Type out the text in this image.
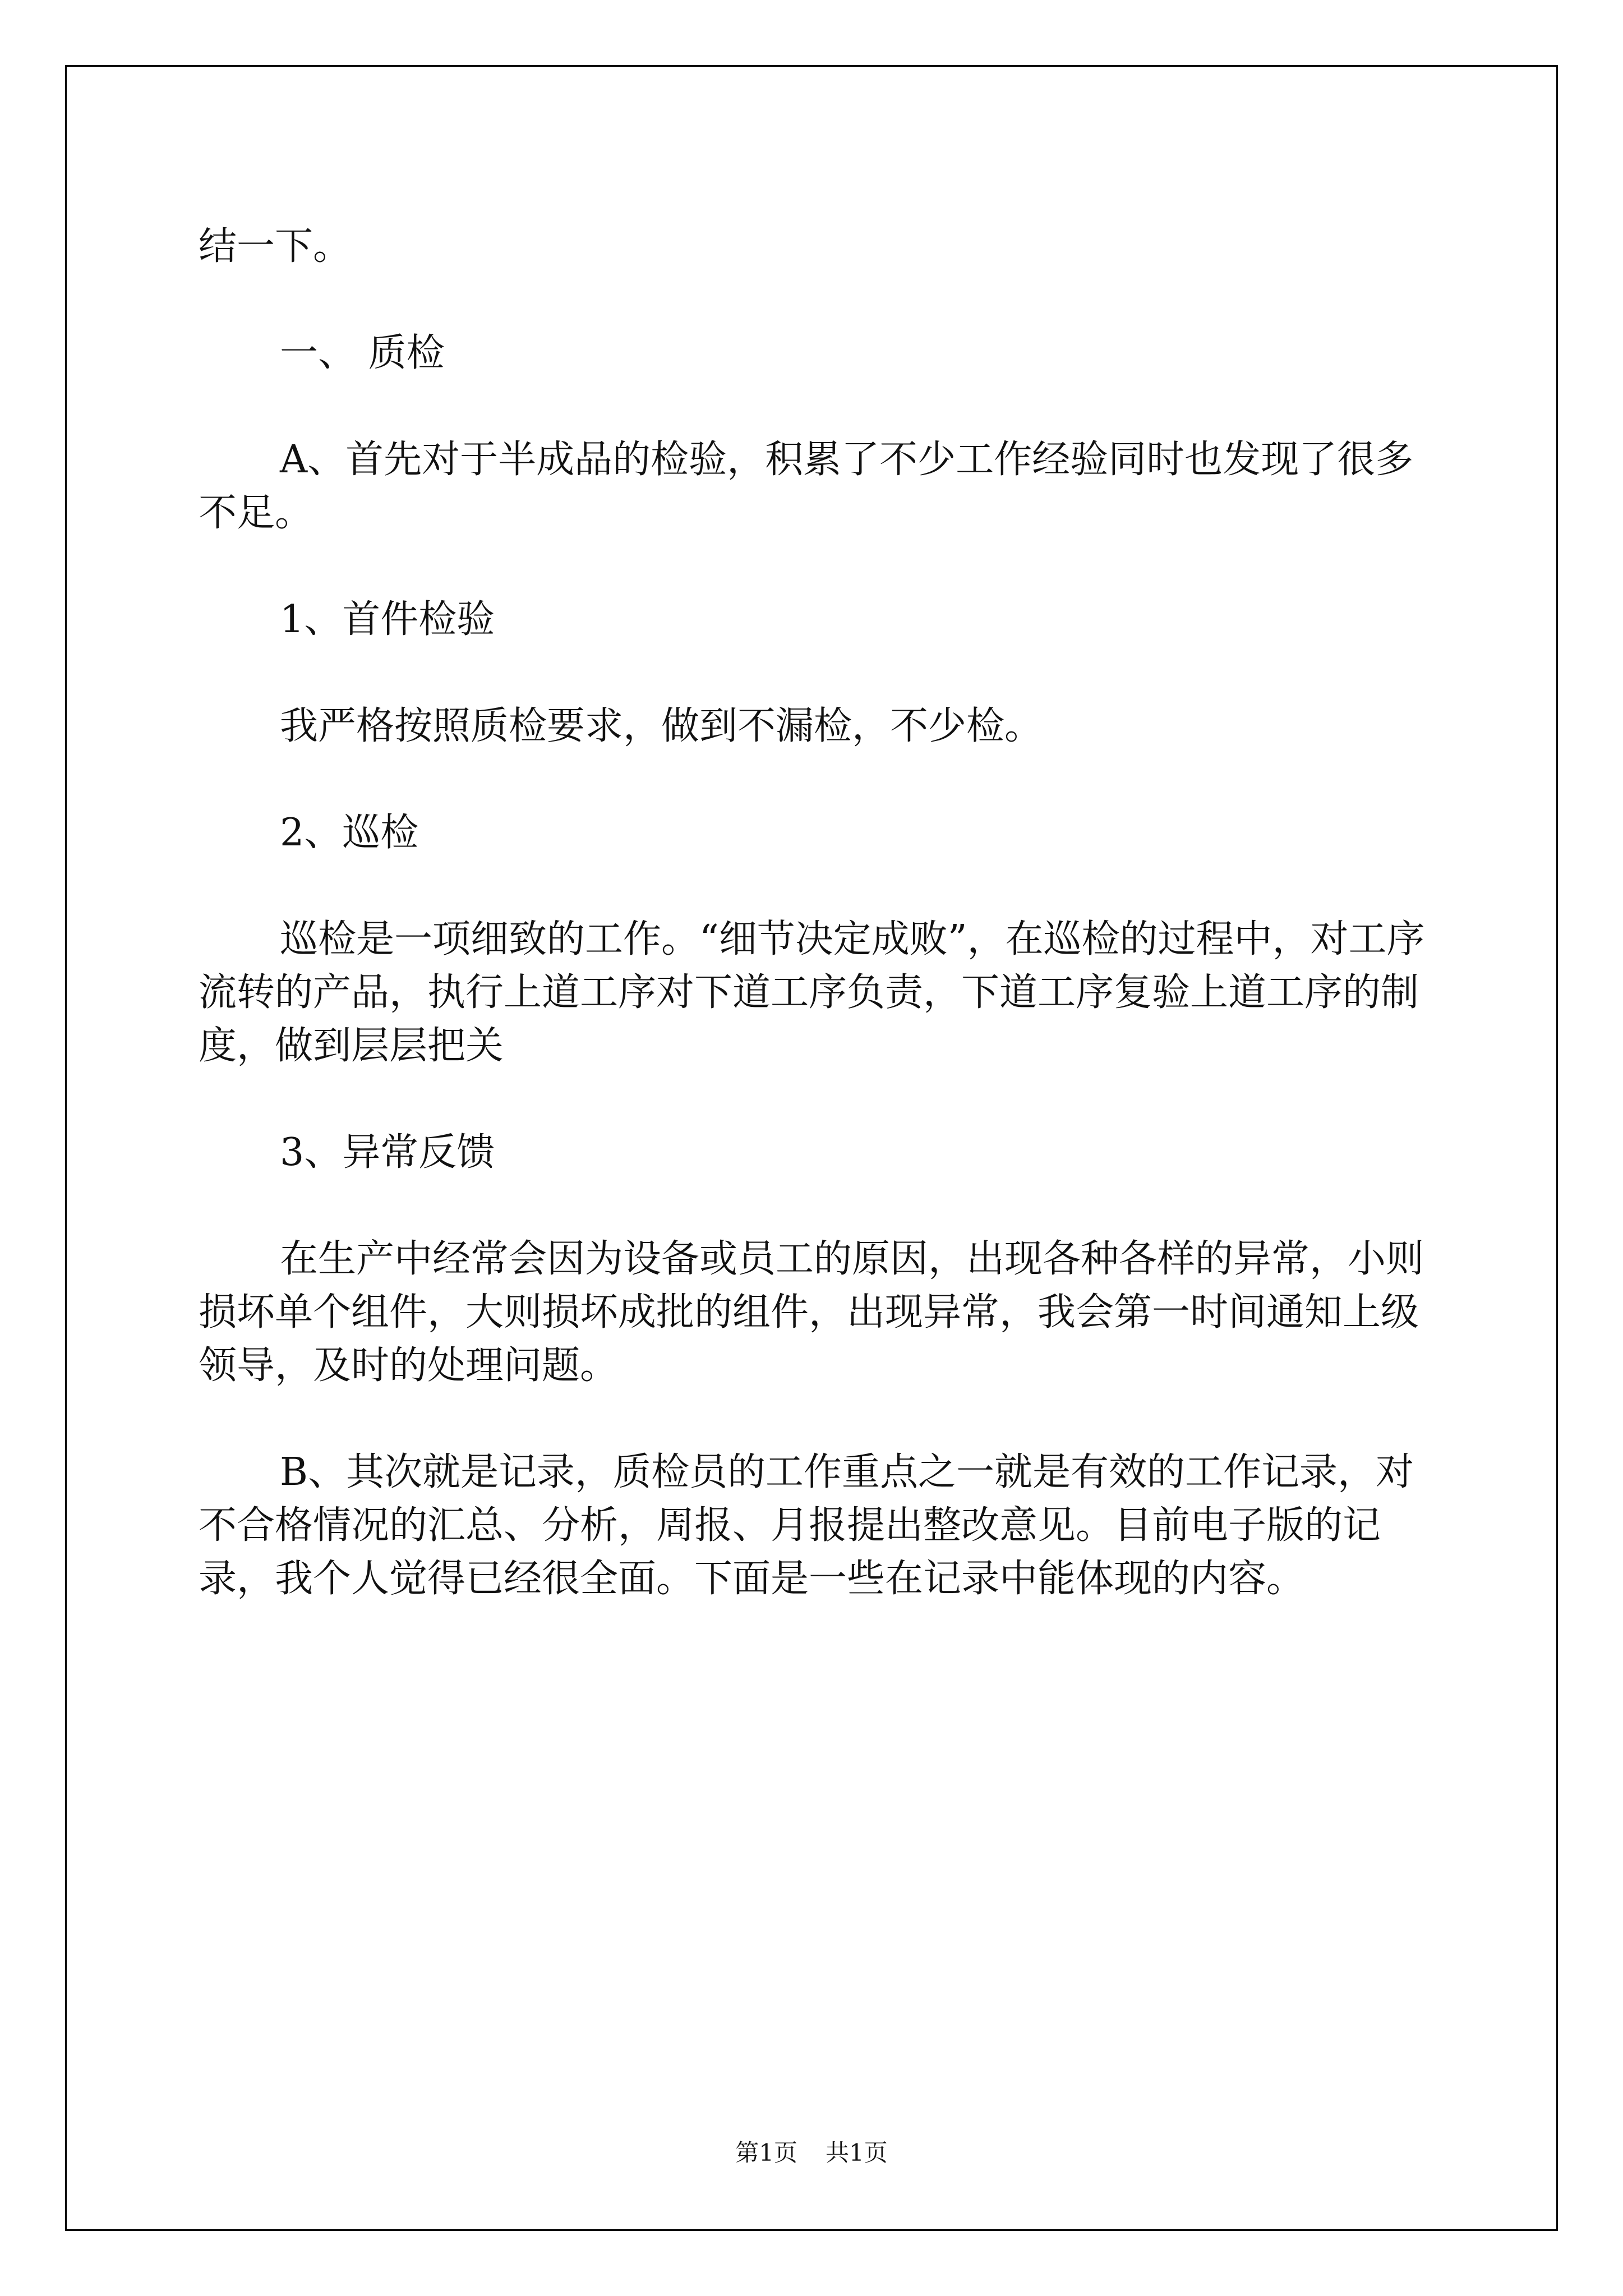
结一下。

一、 质检

A、首先对于半成品的检验，积累了不少工作经验同时也发现了很多不足。

1、首件检验

我严格按照质检要求，做到不漏检，不少检。

2、巡检

巡检是一项细致的工作。“细节决定成败”，在巡检的过程中，对工序流转的产品，执行上道工序对下道工序负责，下道工序复验上道工序的制度，做到层层把关

3、异常反馈

在生产中经常会因为设备或员工的原因，出现各种各样的异常，小则损坏单个组件，大则损坏成批的组件，出现异常，我会第一时间通知上级领导，及时的处理问题。

B、其次就是记录，质检员的工作重点之一就是有效的工作记录，对不合格情况的汇总、分析，周报、月报提出整改意见。目前电子版的记录，我个人觉得已经很全面。下面是一些在记录中能体现的内容。

第1页 共1页
